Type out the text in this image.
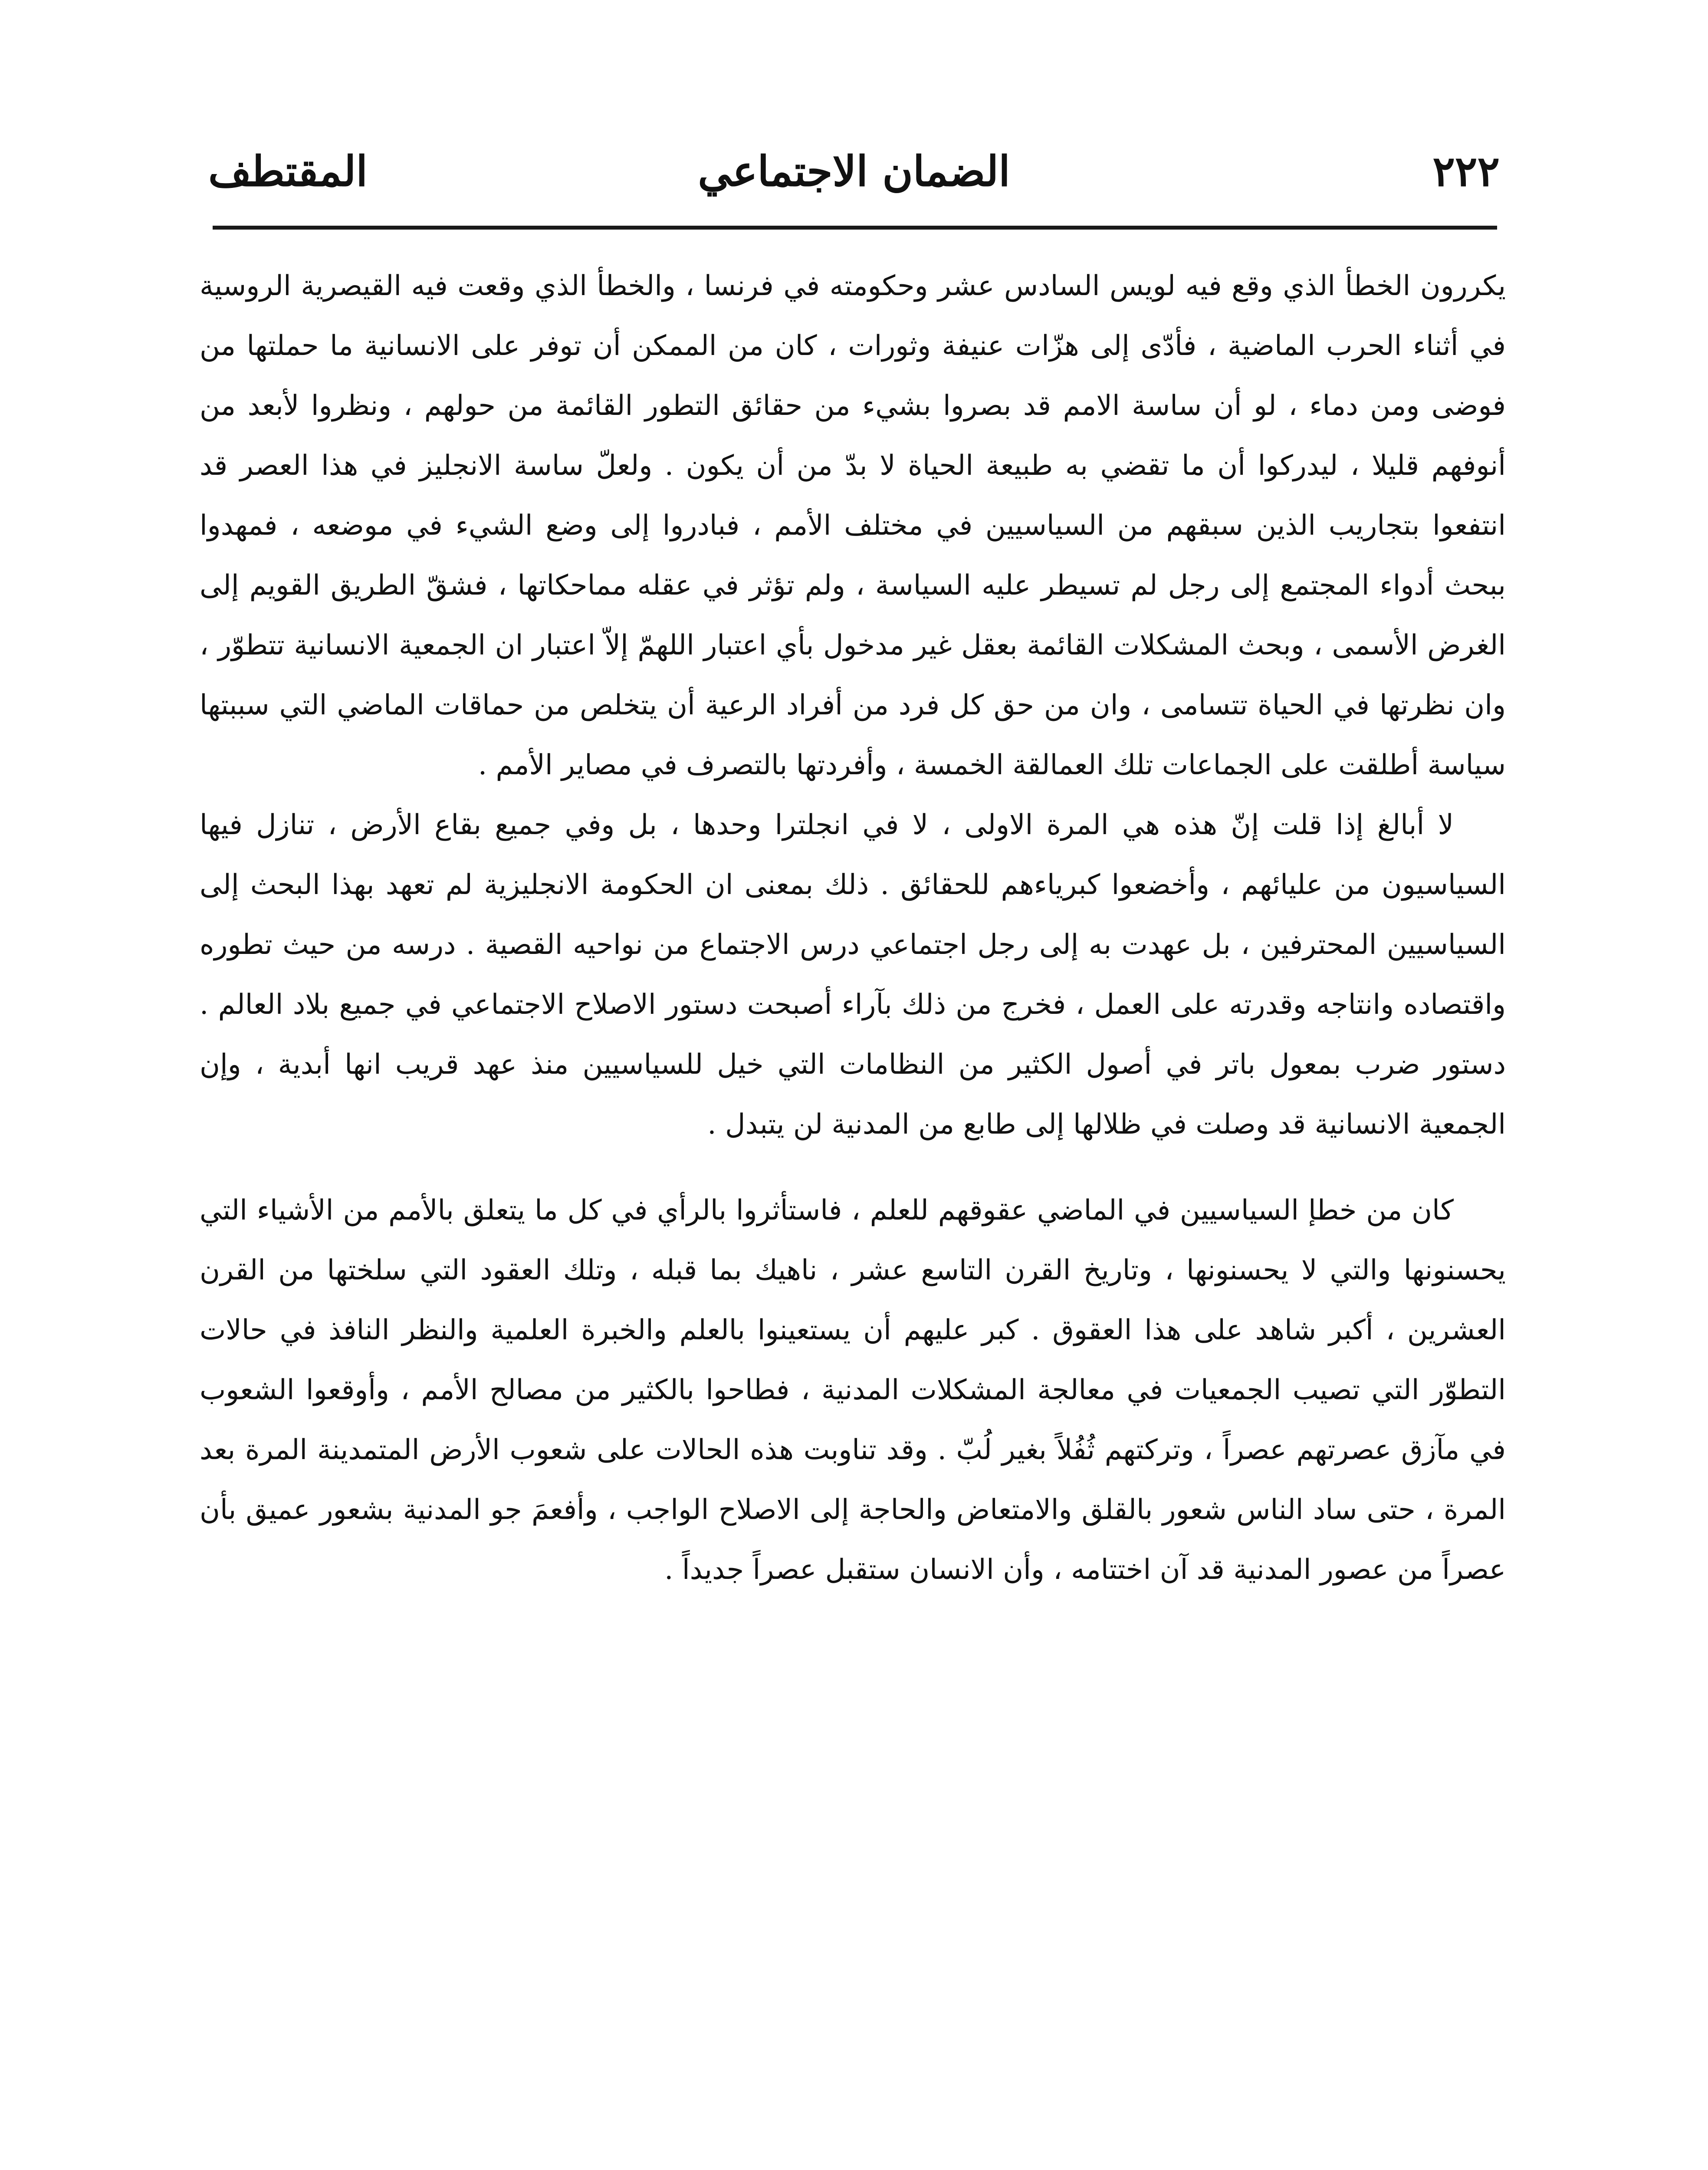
٢٢٢
الضمان الاجتماعي
المقتطف

يكررون الخطأ الذي وقع فيه لويس السادس عشر وحكومته في فرنسا ، والخطأ الذي وقعت فيه القيصرية الروسية في أثناء الحرب الماضية ، فأدّى إلى هزّات عنيفة وثورات ، كان من الممكن أن توفر على الانسانية ما حملتها من فوضى ومن دماء ، لو أن ساسة الامم قد بصروا بشيء من حقائق التطور القائمة من حولهم ، ونظروا لأبعد من أنوفهم قليلا ، ليدركوا أن ما تقضي به طبيعة الحياة لا بدّ من أن يكون . ولعلّ ساسة الانجليز في هذا العصر قد انتفعوا بتجاريب الذين سبقهم من السياسيين في مختلف الأمم ، فبادروا إلى وضع الشيء في موضعه ، فمهدوا ببحث أدواء المجتمع إلى رجل لم تسيطر عليه السياسة ، ولم تؤثر في عقله مماحكاتها ، فشقّ الطريق القويم إلى الغرض الأسمى ، وبحث المشكلات القائمة بعقل غير مدخول بأي اعتبار اللهمّ إلاّ اعتبار ان الجمعية الانسانية تتطوّر ، وان نظرتها في الحياة تتسامى ، وان من حق كل فرد من أفراد الرعية أن يتخلص من حماقات الماضي التي سببتها سياسة أطلقت على الجماعات تلك العمالقة الخمسة ، وأفردتها بالتصرف في مصاير الأمم .

لا أبالغ إذا قلت إنّ هذه هي المرة الاولى ، لا في انجلترا وحدها ، بل وفي جميع بقاع الأرض ، تنازل فيها السياسيون من عليائهم ، وأخضعوا كبرياءهم للحقائق . ذلك بمعنى ان الحكومة الانجليزية لم تعهد بهذا البحث إلى السياسيين المحترفين ، بل عهدت به إلى رجل اجتماعي درس الاجتماع من نواحيه القصية . درسه من حيث تطوره واقتصاده وانتاجه وقدرته على العمل ، فخرج من ذلك بآراء أصبحت دستور الاصلاح الاجتماعي في جميع بلاد العالم . دستور ضرب بمعول باتر في أصول الكثير من النظامات التي خيل للسياسيين منذ عهد قريب انها أبدية ، وإن الجمعية الانسانية قد وصلت في ظلالها إلى طابع من المدنية لن يتبدل .

كان من خطإ السياسيين في الماضي عقوقهم للعلم ، فاستأثروا بالرأي في كل ما يتعلق بالأمم من الأشياء التي يحسنونها والتي لا يحسنونها ، وتاريخ القرن التاسع عشر ، ناهيك بما قبله ، وتلك العقود التي سلختها من القرن العشرين ، أكبر شاهد على هذا العقوق . كبر عليهم أن يستعينوا بالعلم والخبرة العلمية والنظر النافذ في حالات التطوّر التي تصيب الجمعيات في معالجة المشكلات المدنية ، فطاحوا بالكثير من مصالح الأمم ، وأوقعوا الشعوب في مآزق عصرتهم عصراً ، وتركتهم ثُفُلاً بغير لُبّ . وقد تناوبت هذه الحالات على شعوب الأرض المتمدينة المرة بعد المرة ، حتى ساد الناس شعور بالقلق والامتعاض والحاجة إلى الاصلاح الواجب ، وأفعمَ جو المدنية بشعور عميق بأن عصراً من عصور المدنية قد آن اختتامه ، وأن الانسان ستقبل عصراً جديداً .
